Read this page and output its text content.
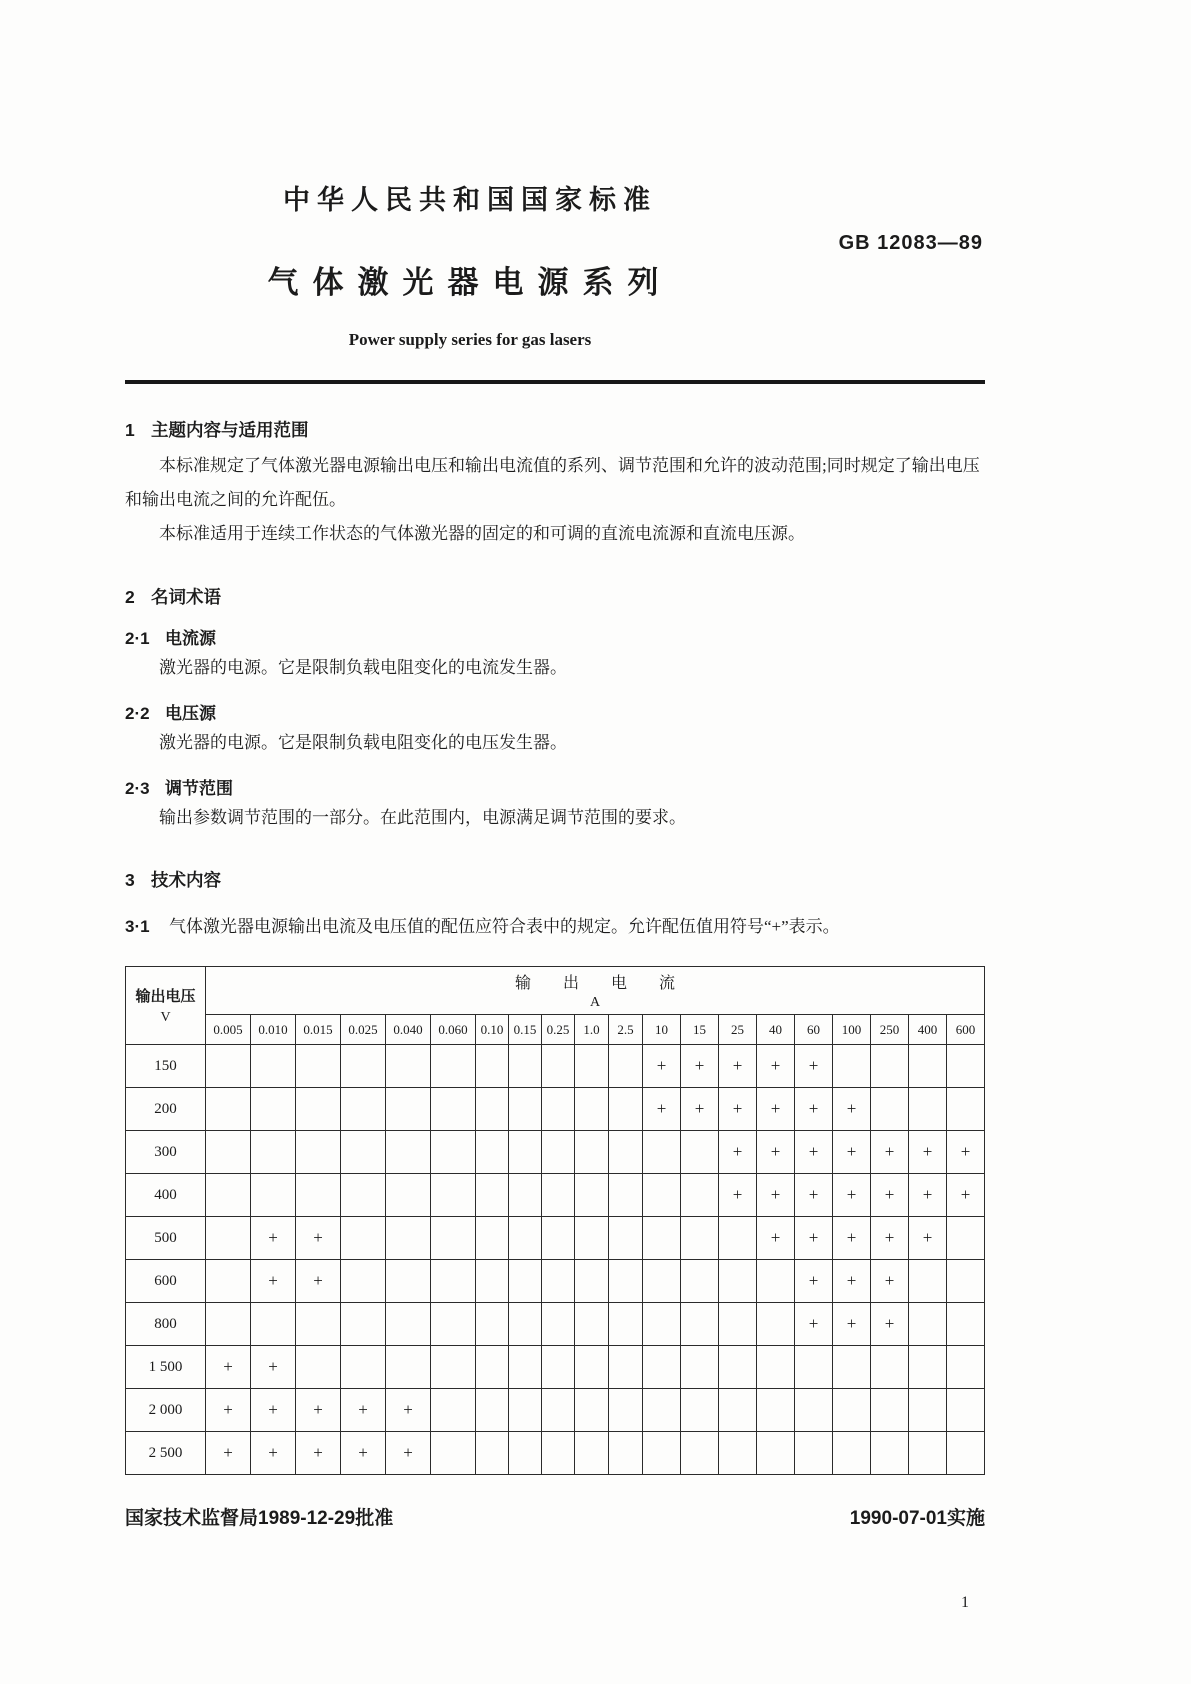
中华人民共和国国家标准
GB 12083—89
气体激光器电源系列
Power supply series for gas lasers
1 主题内容与适用范围

本标准规定了气体激光器电源输出电压和输出电流值的系列、调节范围和允许的波动范围;同时规定了输出电压和输出电流之间的允许配伍。

本标准适用于连续工作状态的气体激光器的固定的和可调的直流电流源和直流电压源。

2 名词术语
2·1 电流源

激光器的电源。它是限制负载电阻变化的电流发生器。

2·2 电压源

激光器的电源。它是限制负载电阻变化的电压发生器。

2·3 调节范围

输出参数调节范围的一部分。在此范围内，电源满足调节范围的要求。

3 技术内容

3·1 气体激光器电源输出电流及电压值的配伍应符合表中的规定。允许配伍值用符号“+”表示。

输出电压
V

输　　出　　电　　流
A

	0.005	0.010	0.015	0.025	0.040	0.060	0.10	0.15	0.25	1.0	2.5	10	15	25	40	60	100	250	400	600
150												+	+	+	+	+				
200												+	+	+	+	+	+			
300														+	+	+	+	+	+	+
400														+	+	+	+	+	+	+
500		+	+												+	+	+	+	+	
600		+	+													+	+	+		
800																+	+	+		
1 500	+	+																		
2 000	+	+	+	+	+															
2 500	+	+	+	+	+															
国家技术监督局1989-12-29批准	1990-07-01实施
1
